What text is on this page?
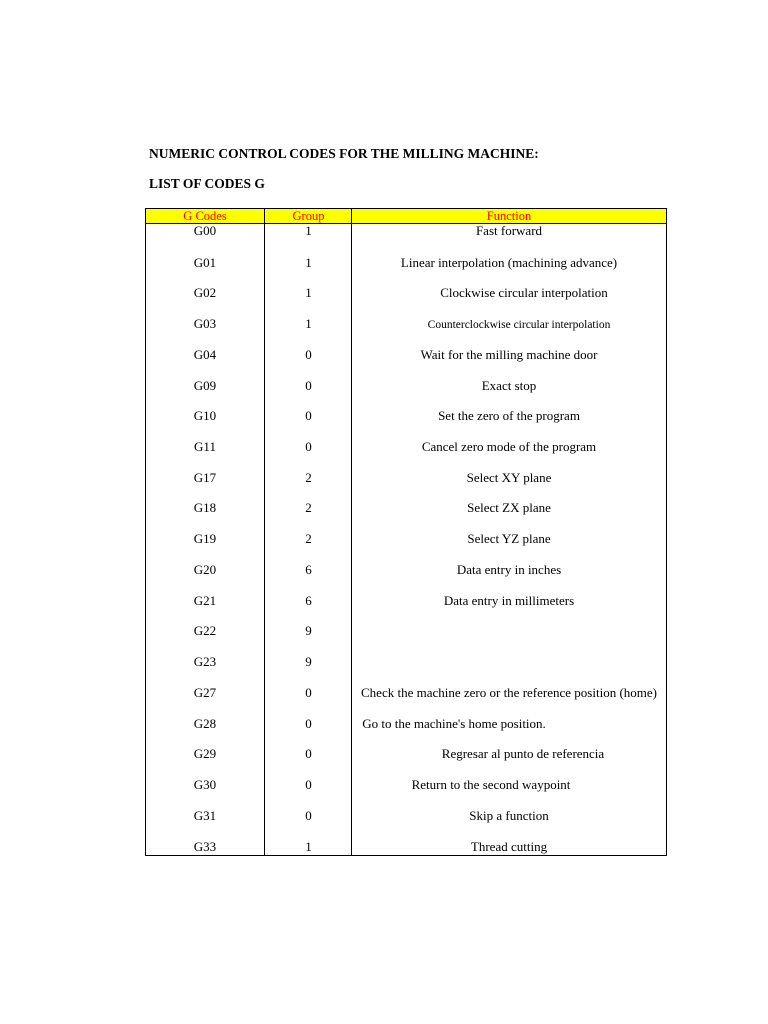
NUMERIC CONTROL CODES FOR THE MILLING MACHINE:
LIST OF CODES G
G Codes	Group	Function
G00	1	Fast forward
G01	1	Linear interpolation (machining advance)
G02	1	Clockwise circular interpolation
G03	1	Counterclockwise circular interpolation
G04	0	Wait for the milling machine door
G09	0	Exact stop
G10	0	Set the zero of the program
G11	0	Cancel zero mode of the program
G17	2	Select XY plane
G18	2	Select ZX plane
G19	2	Select YZ plane
G20	6	Data entry in inches
G21	6	Data entry in millimeters
G22	9
G23	9
G27	0	Check the machine zero or the reference position (home)
G28	0	Go to the machine's home position.
G29	0	Regresar al punto de referencia
G30	0	Return to the second waypoint
G31	0	Skip a function
G33	1	Thread cutting
